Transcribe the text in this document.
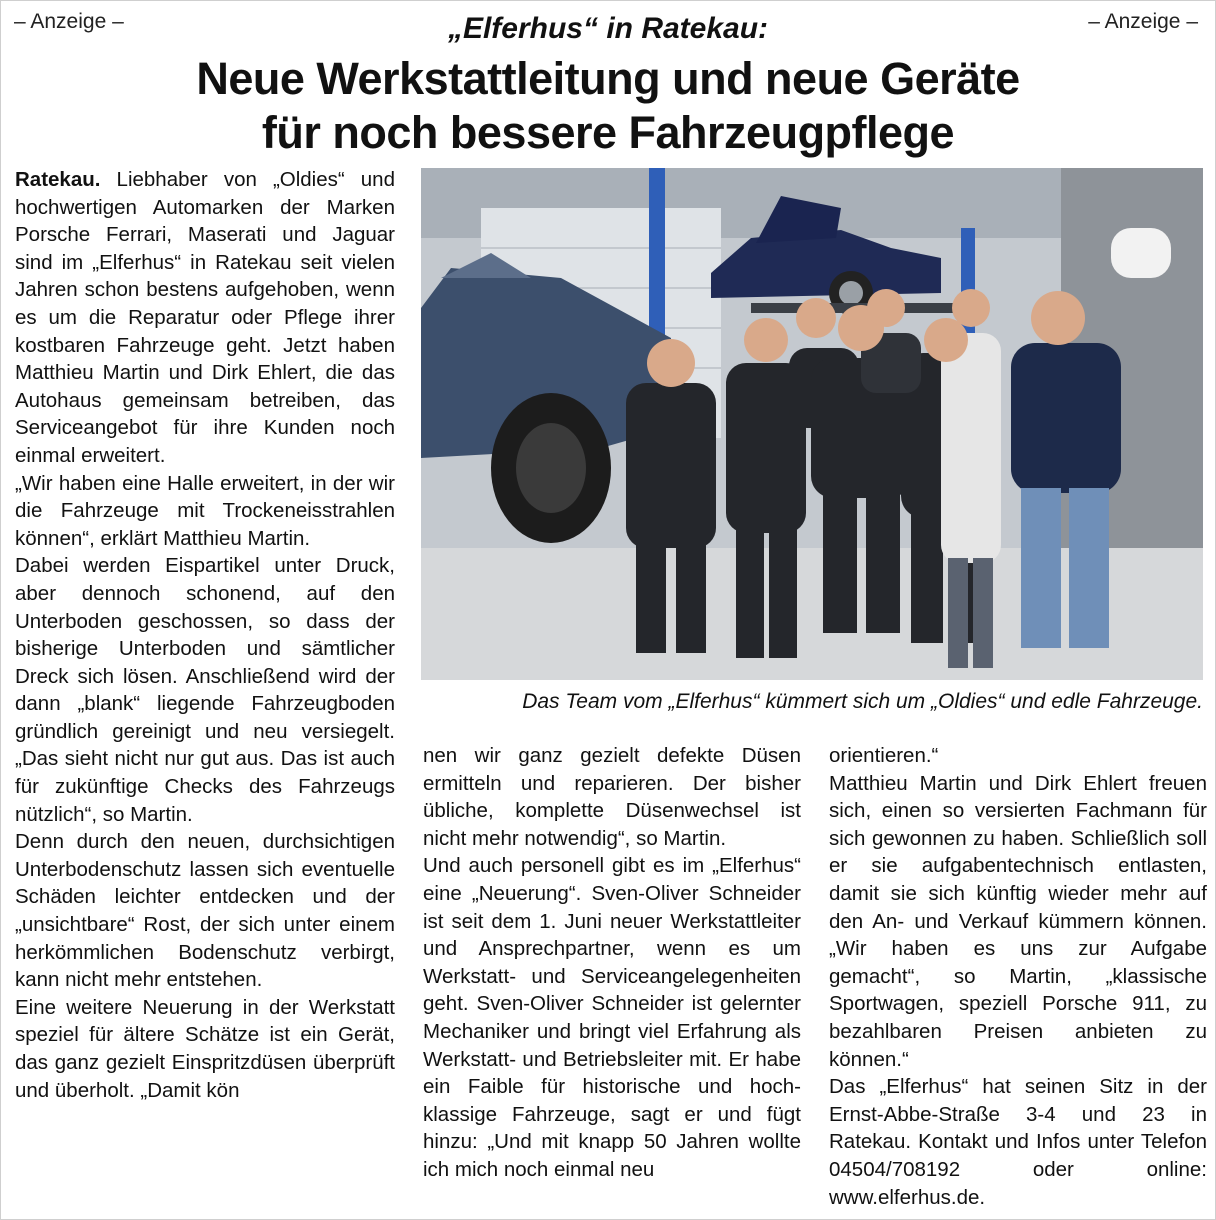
– Anzeige –	– Anzeige –
„Elferhus“ in Ratekau:
Neue Werkstattleitung und neue Geräte
für noch bessere Fahrzeugpflege

Ratekau. Liebhaber von „Oldies“ und hochwertigen Automarken der Marken Porsche Ferrari, Maserati und Jaguar sind im „Elferhus“ in Ratekau seit vielen Jahren schon bestens aufgehoben, wenn es um die Reparatur oder Pflege ihrer kostbaren Fahrzeuge geht. Jetzt haben Matthieu Martin und Dirk Ehlert, die das Autohaus gemeinsam betreiben, das Serviceangebot für ihre Kunden noch einmal erweitert.

„Wir haben eine Halle erweitert, in der wir die Fahrzeuge mit Trockeneisstrahlen können“, erklärt Matthieu Martin.

Dabei werden Eispartikel unter Druck, aber dennoch schonend, auf den Unterboden geschossen, so dass der bisherige Unterboden und sämtlicher Dreck sich lösen. Anschließend wird der dann „blank“ liegende Fahrzeugboden gründlich gereinigt und neu versiegelt. „Das sieht nicht nur gut aus. Das ist auch für zukünftige Checks des Fahrzeugs nützlich“, so Martin.

Denn durch den neuen, durchsichtigen Unterbodenschutz lassen sich eventuelle Schäden leichter entdecken und der „unsichtbare“ Rost, der sich unter einem herkömmlichen Bodenschutz verbirgt, kann nicht mehr entstehen.

Eine weitere Neuerung in der Werkstatt speziel für ältere Schätze ist ein Gerät, das ganz gezielt Einspritzdüsen überprüft und überholt. „Damit kön

Das Team vom „Elferhus“ kümmert sich um „Oldies“ und edle Fahrzeuge.

nen wir ganz gezielt defekte Düsen ermitteln und reparieren. Der bisher übliche, komplette Düsenwechsel ist nicht mehr notwendig“, so Martin.

Und auch personell gibt es im „Elferhus“ eine „Neuerung“. Sven-Oliver Schneider ist seit dem 1. Juni neuer Werkstattleiter und Ansprechpartner, wenn es um Werkstatt- und Serviceangelegenheiten geht. Sven-Oliver Schneider ist gelernter Mechaniker und bringt viel Erfahrung als Werkstatt- und Betriebsleiter mit. Er habe ein Faible für historische und hochklassige Fahrzeuge, sagt er und fügt hinzu: „Und mit knapp 50 Jahren wollte ich mich noch einmal neu

orientieren.“

Matthieu Martin und Dirk Ehlert freuen sich, einen so versierten Fachmann für sich gewonnen zu haben. Schließlich soll er sie aufgabentechnisch entlasten, damit sie sich künftig wieder mehr auf den An- und Verkauf kümmern können. „Wir haben es uns zur Aufgabe gemacht“, so Martin, „klassische Sportwagen, speziell Porsche 911, zu bezahlbaren Preisen anbieten zu können.“

Das „Elferhus“ hat seinen Sitz in der Ernst-Abbe-Straße 3-4 und 23 in Ratekau. Kontakt und Infos unter Telefon 04504/708192 oder online: www.elferhus.de.
